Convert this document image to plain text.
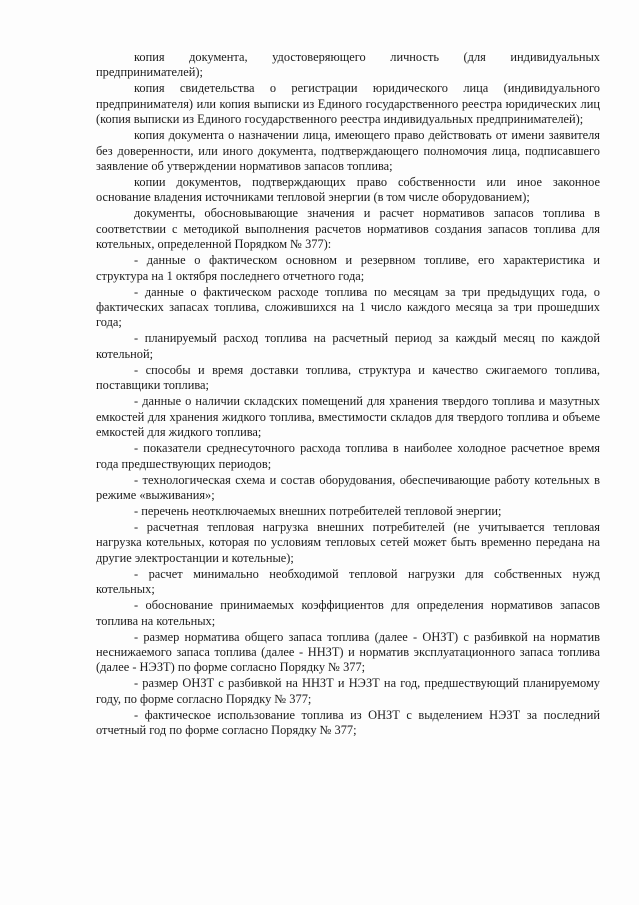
копия документа, удостоверяющего личность (для индивидуальных предпринимателей);

копия свидетельства о регистрации юридического лица (индивидуального предпринимателя) или копия выписки из Единого государственного реестра юридических лиц (копия выписки из Единого государственного реестра индивидуальных предпринимателей);

копия документа о назначении лица, имеющего право действовать от имени заявителя без доверенности, или иного документа, подтверждающего полномочия лица, подписавшего заявление об утверждении нормативов запасов топлива;

копии документов, подтверждающих право собственности или иное законное основание владения источниками тепловой энергии (в том числе оборудованием);

документы, обосновывающие значения и расчет нормативов запасов топлива в соответствии с методикой выполнения расчетов нормативов создания запасов топлива для котельных, определенной Порядком № 377):

- данные о фактическом основном и резервном топливе, его характеристика и структура на 1 октября последнего отчетного года;

- данные о фактическом расходе топлива по месяцам за три предыдущих года, о фактических запасах топлива, сложившихся на 1 число каждого месяца за три прошедших года;

- планируемый расход топлива на расчетный период за каждый месяц по каждой котельной;

- способы и время доставки топлива, структура и качество сжигаемого топлива, поставщики топлива;

- данные о наличии складских помещений для хранения твердого топлива и мазутных емкостей для хранения жидкого топлива, вместимости складов для твердого топлива и объеме емкостей для жидкого топлива;

- показатели среднесуточного расхода топлива в наиболее холодное расчетное время года предшествующих периодов;

- технологическая схема и состав оборудования, обеспечивающие работу котельных в режиме «выживания»;

- перечень неотключаемых внешних потребителей тепловой энергии;

- расчетная тепловая нагрузка внешних потребителей (не учитывается тепловая нагрузка котельных, которая по условиям тепловых сетей может быть временно передана на другие электростанции и котельные);

- расчет минимально необходимой тепловой нагрузки для собственных нужд котельных;

- обоснование принимаемых коэффициентов для определения нормативов запасов топлива на котельных;

- размер норматива общего запаса топлива (далее - ОНЗТ) с разбивкой на норматив неснижаемого запаса топлива (далее - ННЗТ) и норматив эксплуатационного запаса топлива (далее - НЭЗТ) по форме согласно Порядку № 377;

- размер ОНЗТ с разбивкой на ННЗТ и НЭЗТ на год, предшествующий планируемому году, по форме согласно Порядку № 377;

- фактическое использование топлива из ОНЗТ с выделением НЭЗТ за последний отчетный год по форме согласно Порядку № 377;
